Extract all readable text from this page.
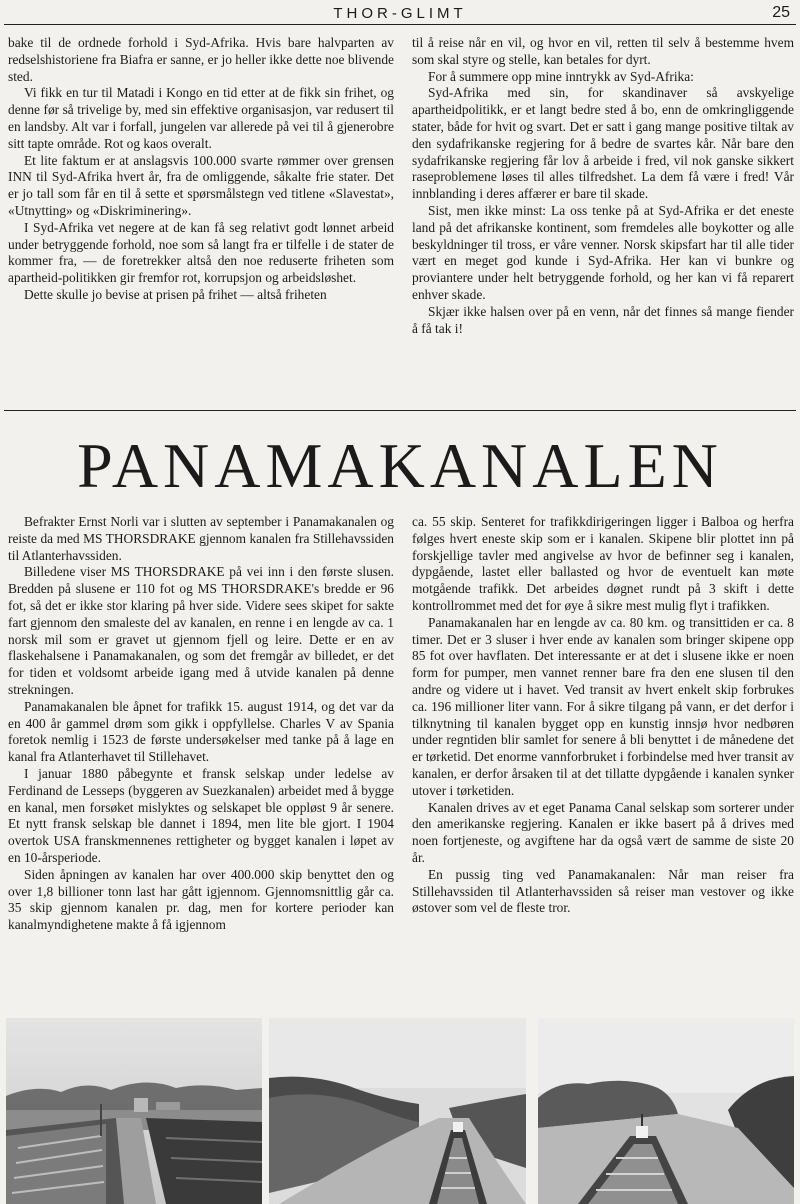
THOR-GLIMT	25

bake til de ordnede forhold i Syd-Afrika. Hvis bare halvparten av redselshistoriene fra Biafra er sanne, er jo heller ikke dette noe blivende sted.

Vi fikk en tur til Matadi i Kongo en tid etter at de fikk sin frihet, og denne før så trivelige by, med sin effektive organisasjon, var redusert til en landsby. Alt var i forfall, jungelen var allerede på vei til å gjenerobre sitt tapte område. Rot og kaos overalt.

Et lite faktum er at anslagsvis 100.000 svarte rømmer over grensen INN til Syd-Afrika hvert år, fra de omliggende, såkalte frie stater. Det er jo tall som får en til å sette et spørsmålstegn ved titlene «Slavestat», «Utnytting» og «Diskriminering».

I Syd-Afrika vet negere at de kan få seg relativt godt lønnet arbeid under betryggende forhold, noe som så langt fra er tilfelle i de stater de kommer fra, — de foretrekker altså den noe reduserte friheten som apartheid-politikken gir fremfor rot, korrupsjon og arbeidsløshet.

Dette skulle jo bevise at prisen på frihet — altså friheten

til å reise når en vil, og hvor en vil, retten til selv å bestemme hvem som skal styre og stelle, kan betales for dyrt.

For å summere opp mine inntrykk av Syd-Afrika:

Syd-Afrika med sin, for skandinaver så avskyelige apartheidpolitikk, er et langt bedre sted å bo, enn de omkringliggende stater, både for hvit og svart. Det er satt i gang mange positive tiltak av den sydafrikanske regjering for å bedre de svartes kår. Når bare den sydafrikanske regjering får lov å arbeide i fred, vil nok ganske sikkert raseproblemene løses til alles tilfredshet. La dem få være i fred! Vår innblanding i deres affærer er bare til skade.

Sist, men ikke minst: La oss tenke på at Syd-Afrika er det eneste land på det afrikanske kontinent, som fremdeles alle boykotter og alle beskyldninger til tross, er våre venner. Norsk skipsfart har til alle tider vært en meget god kunde i Syd-Afrika. Her kan vi bunkre og proviantere under helt betryggende forhold, og her kan vi få reparert enhver skade.

Skjær ikke halsen over på en venn, når det finnes så mange fiender å få tak i!

PANAMAKANALEN

Befrakter Ernst Norli var i slutten av september i Panamakanalen og reiste da med MS THORSDRAKE gjennom kanalen fra Stillehavssiden til Atlanterhavssiden.

Billedene viser MS THORSDRAKE på vei inn i den første slusen. Bredden på slusene er 110 fot og MS THORSDRAKE's bredde er 96 fot, så det er ikke stor klaring på hver side. Videre sees skipet for sakte fart gjennom den smaleste del av kanalen, en renne i en lengde av ca. 1 norsk mil som er gravet ut gjennom fjell og leire. Dette er en av flaskehalsene i Panamakanalen, og som det fremgår av billedet, er det for tiden et voldsomt arbeide igang med å utvide kanalen på denne strekningen.

Panamakanalen ble åpnet for trafikk 15. august 1914, og det var da en 400 år gammel drøm som gikk i oppfyllelse. Charles V av Spania foretok nemlig i 1523 de første undersøkelser med tanke på å lage en kanal fra Atlanterhavet til Stillehavet.

I januar 1880 påbegynte et fransk selskap under ledelse av Ferdinand de Lesseps (byggeren av Suezkanalen) arbeidet med å bygge en kanal, men forsøket mislyktes og selskapet ble oppløst 9 år senere. Et nytt fransk selskap ble dannet i 1894, men lite ble gjort. I 1904 overtok USA franskmennenes rettigheter og bygget kanalen i løpet av en 10-årsperiode.

Siden åpningen av kanalen har over 400.000 skip benyttet den og over 1,8 billioner tonn last har gått igjennom. Gjennomsnittlig går ca. 35 skip gjennom kanalen pr. dag, men for kortere perioder kan kanalmyndighetene makte å få igjennom

ca. 55 skip. Senteret for trafikkdirigeringen ligger i Balboa og herfra følges hvert eneste skip som er i kanalen. Skipene blir plottet inn på forskjellige tavler med angivelse av hvor de befinner seg i kanalen, dypgående, lastet eller ballasted og hvor de eventuelt kan møte motgående trafikk. Det arbeides døgnet rundt på 3 skift i dette kontrollrommet med det for øye å sikre mest mulig flyt i trafikken.

Panamakanalen har en lengde av ca. 80 km. og transittiden er ca. 8 timer. Det er 3 sluser i hver ende av kanalen som bringer skipene opp 85 fot over havflaten. Det interessante er at det i slusene ikke er noen form for pumper, men vannet renner bare fra den ene slusen til den andre og videre ut i havet. Ved transit av hvert enkelt skip forbrukes ca. 196 millioner liter vann. For å sikre tilgang på vann, er det derfor i tilknytning til kanalen bygget opp en kunstig innsjø hvor nedbøren under regntiden blir samlet for senere å bli benyttet i de månedene det er tørketid. Det enorme vannforbruket i forbindelse med hver transit av kanalen, er derfor årsaken til at det tillatte dypgående i kanalen synker utover i tørketiden.

Kanalen drives av et eget Panama Canal selskap som sorterer under den amerikanske regjering. Kanalen er ikke basert på å drives med noen fortjeneste, og avgiftene har da også vært de samme de siste 20 år.

En pussig ting ved Panamakanalen: Når man reiser fra Stillehavssiden til Atlanterhavssiden så reiser man vestover og ikke østover som vel de fleste tror.
